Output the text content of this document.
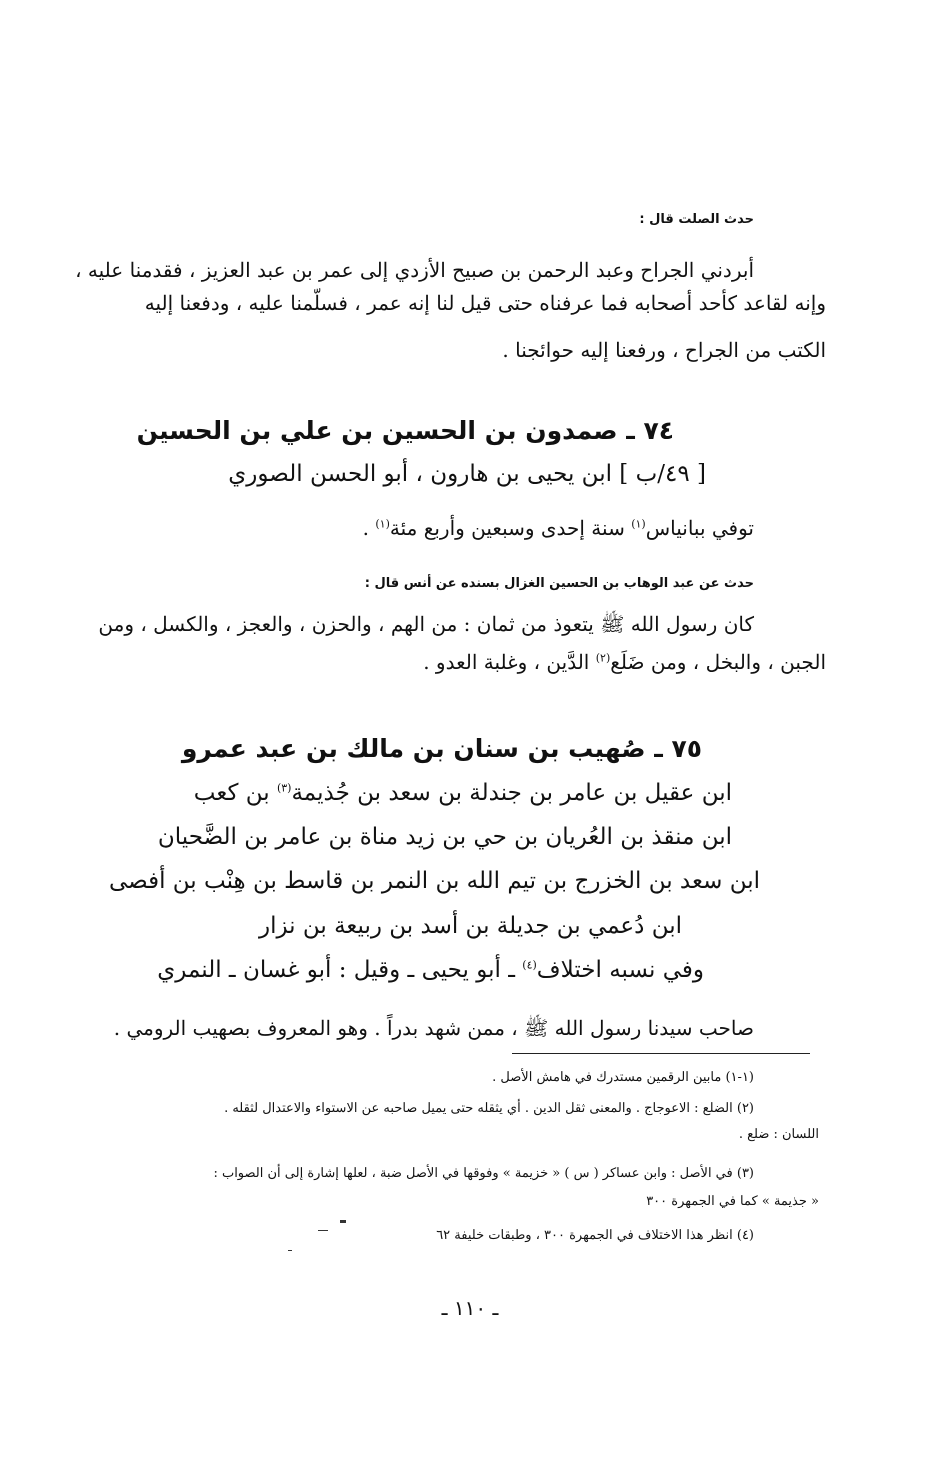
حدث الصلت قال :
أبردني الجراح وعبد الرحمن بن صبيح الأزدي إلى عمر بن عبد العزيز ، فقدمنا عليه ،
وإنه لقاعد كأحد أصحابه فما عرفناه حتى قيل لنا إنه عمر ، فسلّمنا عليه ، ودفعنا إليه
الكتب من الجراح ، ورفعنا إليه حوائجنا .
٧٤ ـ صمدون بن الحسين بن علي بن الحسين
[ ٤٩/ب ] ابن يحيى بن هارون ، أبو الحسن الصوري
توفي ببانياس$^{(١)}$ سنة إحدى وسبعين وأربع مئة$^{(١)}$ .
حدث عن عبد الوهاب بن الحسين الغزال بسنده عن أنس قال :
كان رسول الله ﷺ يتعوذ من ثمان : من الهم ، والحزن ، والعجز ، والكسل ، ومن
الجبن ، والبخل ، ومن ضَلَع$^{(٢)}$ الدَّين ، وغلبة العدو .
٧٥ ـ صُهيب بن سنان بن مالك بن عبد عمرو
ابن عقيل بن عامر بن جندلة بن سعد بن جُذيمة$^{(٣)}$ بن كعب
ابن منقذ بن العُريان بن حي بن زيد مناة بن عامر بن الضَّحيان
ابن سعد بن الخزرج بن تيم الله بن النمر بن قاسط بن هِنْب بن أفصى
ابن دُعمي بن جديلة بن أسد بن ربيعة بن نزار
وفي نسبه اختلاف$^{(٤)}$ ـ أبو يحيى ـ وقيل : أبو غسان ـ النمري
صاحب سيدنا رسول الله ﷺ ، ممن شهد بدراً . وهو المعروف بصهيب الرومي .
(١-١) مابين الرقمين مستدرك في هامش الأصل .
(٢) الضلع : الاعوجاج . والمعنى ثقل الدين . أي يثقله حتى يميل صاحبه عن الاستواء والاعتدال لثقله .
اللسان : ضلع .
(٣) في الأصل : وابن عساكر ( س ) « خزيمة » وفوقها في الأصل ضبة ، لعلها إشارة إلى أن الصواب :
« جذيمة » كما في الجمهرة ٣٠٠
(٤) انظر هذا الاختلاف في الجمهرة ٣٠٠ ، وطبقات خليفة ٦٢
ـ ١١٠ ـ
